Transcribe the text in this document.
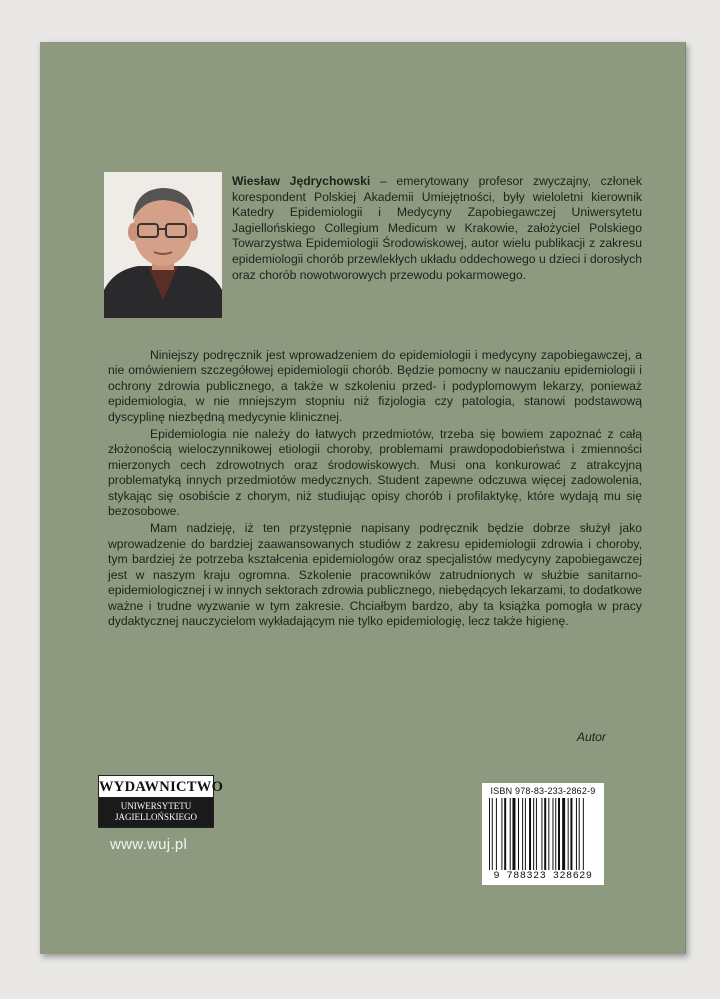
Wiesław Jędrychowski – emerytowany profesor zwyczajny, członek korespondent Polskiej Akademii Umiejętności, były wieloletni kierownik Katedry Epidemiologii i Medycyny Zapobiegawczej Uniwersytetu Jagiellońskiego Collegium Medicum w Krakowie, założyciel Polskiego Towarzystwa Epidemiologii Środowiskowej, autor wielu publikacji z zakresu epidemiologii chorób przewlekłych układu oddechowego u dzieci i dorosłych oraz chorób nowotworowych przewodu pokarmowego.

Niniejszy podręcznik jest wprowadzeniem do epidemiologii i medycyny zapobiegawczej, a nie omówieniem szczegółowej epidemiologii chorób. Będzie pomocny w nauczaniu epidemiologii i ochrony zdrowia publicznego, a także w szkoleniu przed- i podyplomowym lekarzy, ponieważ epidemiologia, w nie mniejszym stopniu niż fizjologia czy patologia, stanowi podstawową dyscyplinę niezbędną medycynie klinicznej.

Epidemiologia nie należy do łatwych przedmiotów, trzeba się bowiem zapoznać z całą złożonością wieloczynnikowej etiologii choroby, problemami prawdopodobieństwa i zmienności mierzonych cech zdrowotnych oraz środowiskowych. Musi ona konkurować z atrakcyjną problematyką innych przedmiotów medycznych. Student zapewne odczuwa więcej zadowolenia, stykając się osobiście z chorym, niż studiując opisy chorób i profilaktykę, które wydają mu się bezosobowe.

Mam nadzieję, iż ten przystępnie napisany podręcznik będzie dobrze służył jako wprowadzenie do bardziej zaawansowanych studiów z zakresu epidemiologii zdrowia i choroby, tym bardziej że potrzeba kształcenia epidemiologów oraz specjalistów medycyny zapobiegawczej jest w naszym kraju ogromna. Szkolenie pracowników zatrudnionych w służbie sanitarno-epidemiologicznej i w innych sektorach zdrowia publicznego, niebędących lekarzami, to dodatkowe ważne i trudne wyzwanie w tym zakresie. Chciałbym bardzo, aby ta książka pomogła w pracy dydaktycznej nauczycielom wykładającym nie tylko epidemiologię, lecz także higienę.

Autor
WYDAWNICTWO
UNIWERSYTETU
JAGIELLOŃSKIEGO
www.wuj.pl
ISBN 978-83-233-2862-9
9 788323 328629
